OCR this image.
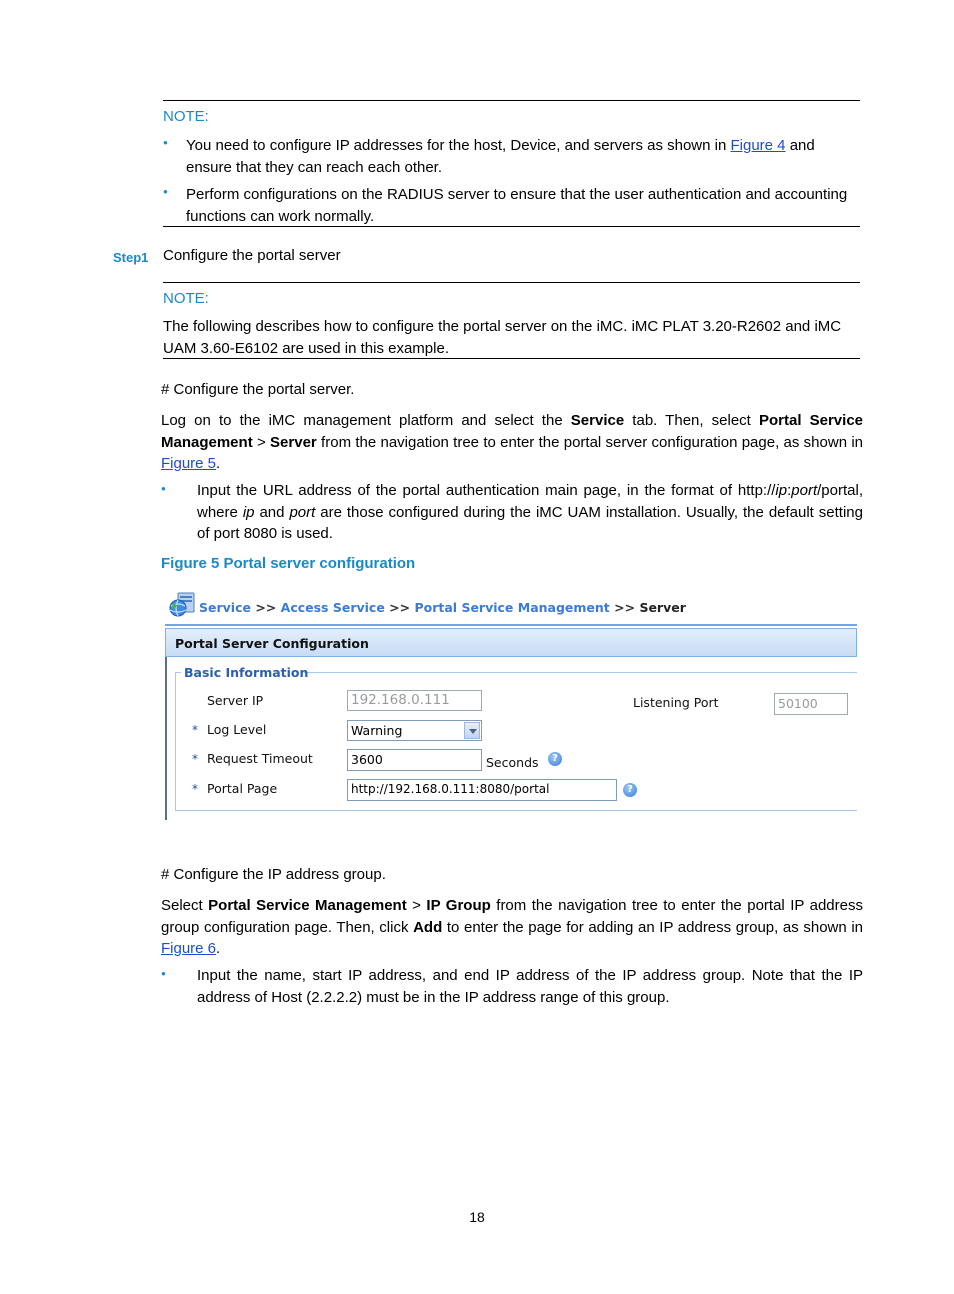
NOTE:
● You need to configure IP addresses for the host, Device, and servers as shown in Figure 4 and ensure that they can reach each other.
● Perform configurations on the RADIUS server to ensure that the user authentication and accounting functions can work normally.
Step1 Configure the portal server
NOTE:
The following describes how to configure the portal server on the iMC. iMC PLAT 3.20-R2602 and iMC UAM 3.60-E6102 are used in this example.
# Configure the portal server.
Log on to the iMC management platform and select the Service tab. Then, select Portal Service Management > Server from the navigation tree to enter the portal server configuration page, as shown in Figure 5.
● Input the URL address of the portal authentication main page, in the format of http://ip:port/portal, where ip and port are those configured during the iMC UAM installation. Usually, the default setting of port 8080 is used.
Figure 5 Portal server configuration
Service >> Access Service >> Portal Service Management >> Server
Portal Server Configuration
Basic Information
Server IP	192.168.0.111	Listening Port	50100
* Log Level	Warning
* Request Timeout	3600	Seconds	?
* Portal Page	http://192.168.0.111:8080/portal	?
# Configure the IP address group.
Select Portal Service Management > IP Group from the navigation tree to enter the portal IP address group configuration page. Then, click Add to enter the page for adding an IP address group, as shown in Figure 6.
● Input the name, start IP address, and end IP address of the IP address group. Note that the IP address of Host (2.2.2.2) must be in the IP address range of this group.
18
